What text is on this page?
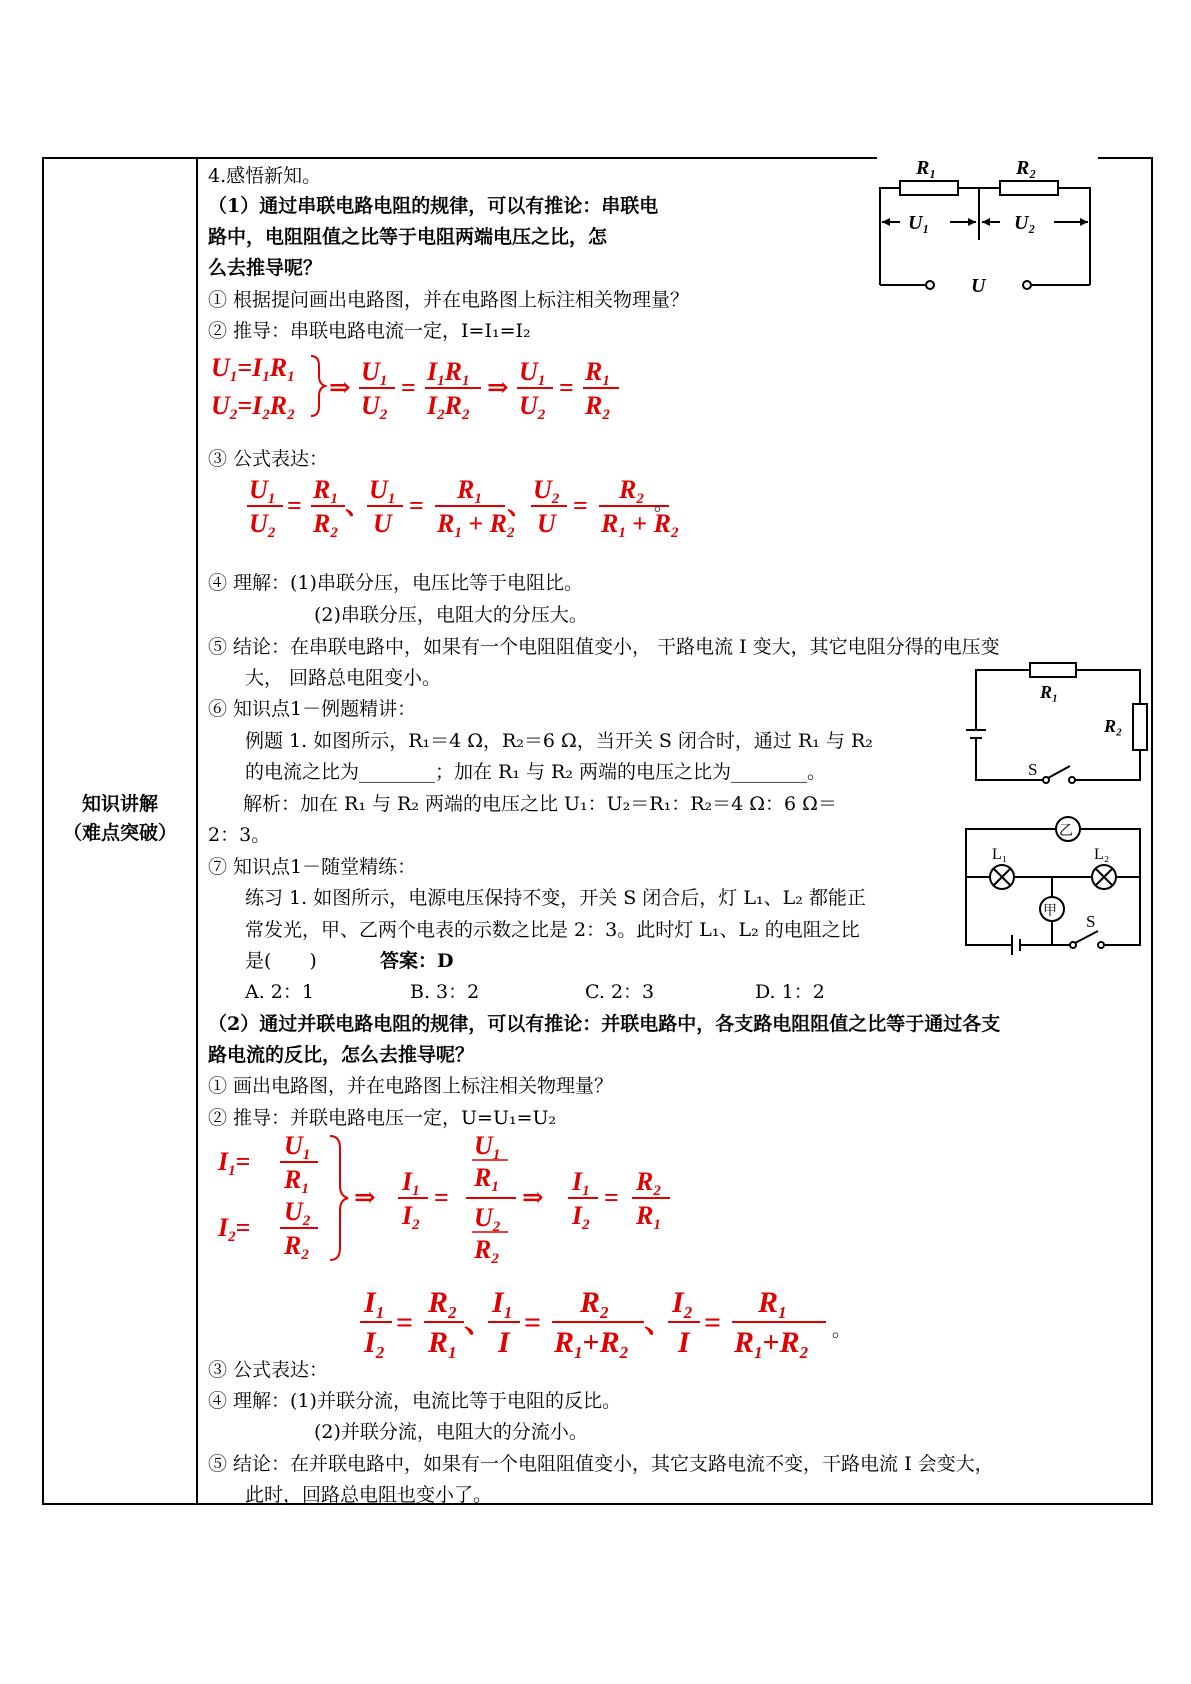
知识讲解
（难点突破）
4.感悟新知。
（1）通过串联电路电阻的规律，可以有推论：串联电
路中，电阻阻值之比等于电阻两端电压之比，怎
么去推导呢？
① 根据提问画出电路图，并在电路图上标注相关物理量？
② 推导：串联电路电流一定，I=I₁=I₂
U1=I1R1
U2=I2R2
⇒
U1
U2
=
I1R1
I2R2
⇒
U1
U2
=
R1
R2
③ 公式表达：
U1
U2
=
R1
R2
、
U1
U
=
R1
R1 + R2
、
U2
U
=
R2
R1 + R2
。
④ 理解：(1)串联分压，电压比等于电阻比。
(2)串联分压，电阻大的分压大。
⑤ 结论：在串联电路中，如果有一个电阻阻值变小， 干路电流 I 变大，其它电阻分得的电压变
大， 回路总电阻变小。
⑥ 知识点1－例题精讲：
例题 1. 如图所示，R₁＝4 Ω，R₂＝6 Ω，当开关 S 闭合时，通过 R₁ 与 R₂
的电流之比为________；加在 R₁ 与 R₂ 两端的电压之比为________。
解析：加在 R₁ 与 R₂ 两端的电压之比 U₁：U₂＝R₁：R₂＝4 Ω：6 Ω＝
2：3。
⑦ 知识点1－随堂精练：
练习 1. 如图所示，电源电压保持不变，开关 S 闭合后，灯 L₁、L₂ 都能正
常发光，甲、乙两个电表的示数之比是 2：3。此时灯 L₁、L₂ 的电阻之比
是(　　)	答案：D
A. 2：1	B. 3：2	C. 2：3	D. 1：2
（2）通过并联电路电阻的规律，可以有推论：并联电路中，各支路电阻阻值之比等于通过各支
路电流的反比，怎么去推导呢？
① 画出电路图，并在电路图上标注相关物理量？
② 推导：并联电路电压一定，U=U₁=U₂
I1=
U1
R1
I2=
U2
R2
⇒
I1
I2
=
U1
R1
U2
R2
⇒
I1
I2
=
R2
R1
$I_1$
$I_2$
=
$R_2$
$R_1$
、
$I_1$
I
=
$R_2$
$R_1+R_2$
、
$I_2$
I
=
$R_1$
$R_1+R_2$
。
③ 公式表达：
④ 理解：(1)并联分流，电流比等于电阻的反比。
(2)并联分流，电阻大的分流小。
⑤ 结论：在并联电路中，如果有一个电阻阻值变小，其它支路电流不变，干路电流 I 会变大，
此时，回路总电阻也变小了。
R₁	R₂
U₁	U₂
U
R₁
R₂
S
乙
甲
L₁	L₂
S
